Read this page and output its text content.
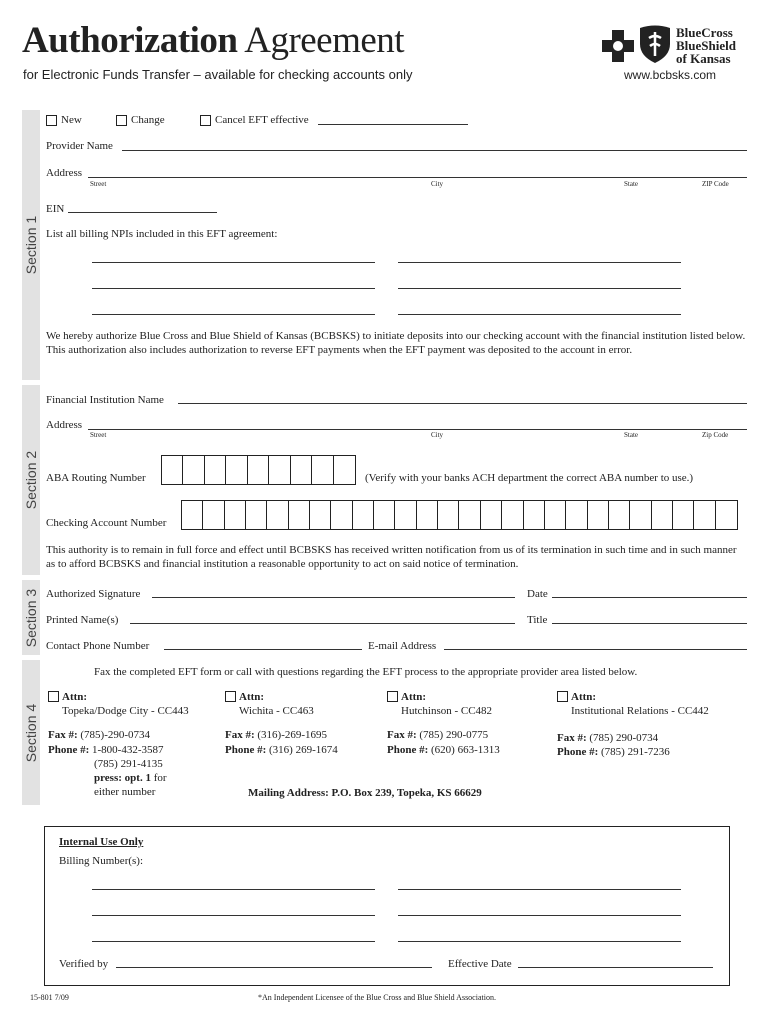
Authorization Agreement
for Electronic Funds Transfer – available for checking accounts only
BlueCross
BlueShield
of Kansas
www.bcbsks.com
Section 1
New	Change	Cancel EFT effective
Provider Name
Address
Street	City	State	ZIP Code
EIN
List all billing NPIs included in this EFT agreement:
We hereby authorize Blue Cross and Blue Shield of Kansas (BCBSKS) to initiate deposits into our checking account with the financial institution listed below. This authorization also includes authorization to reverse EFT payments when the EFT payment was deposited to the account in error.
Section 2
Financial Institution Name
Address
Street	City	State	Zip Code
ABA Routing Number	(Verify with your banks ACH department the correct ABA number to use.)
Checking Account Number
This authority is to remain in full force and effect until BCBSKS has received written notification from us of its termination in such time and in such manner as to afford BCBSKS and financial institution a reasonable opportunity to act on said notice of termination.
Section 3 Authorized Signature	Date
Printed Name(s)	Title
Contact Phone Number	E-mail Address
Section 4
Fax the completed EFT form or call with questions regarding the EFT process to the appropriate provider area listed below.
Attn:
Topeka/Dodge City - CC443
Fax #: (785)-290-0734
Phone #: 1-800-432-3587
(785) 291-4135
press: opt. 1 for
either number
Attn:
Wichita - CC463
Fax #: (316)-269-1695
Phone #: (316) 269-1674
Attn:
Hutchinson - CC482
Fax #: (785) 290-0775
Phone #: (620) 663-1313
Attn:
Institutional Relations - CC442
Fax #: (785) 290-0734
Phone #: (785) 291-7236
Mailing Address: P.O. Box 239, Topeka, KS 66629
Internal Use Only
Billing Number(s):
Verified by	Effective Date
15-801 7/09	*An Independent Licensee of the Blue Cross and Blue Shield Association.
